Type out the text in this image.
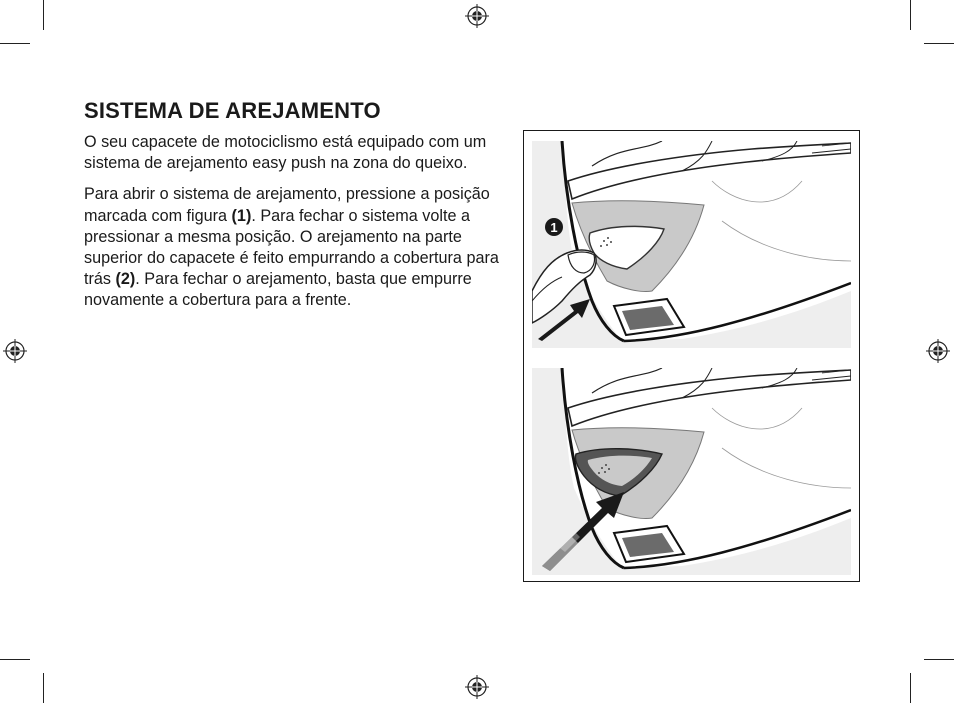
SISTEMA DE AREJAMENTO

O seu capacete de motociclismo está equipado com um sistema de arejamento easy push na zona do queixo.

Para abrir o sistema de arejamento, pressione a posição marcada com figura (1). Para fechar o sistema volte a pressionar a mesma posição. O arejamento na parte superior do capacete é feito empurrando a cobertura para trás (2). Para fechar o arejamento, basta que empurre novamente a cobertura para a frente.

1
